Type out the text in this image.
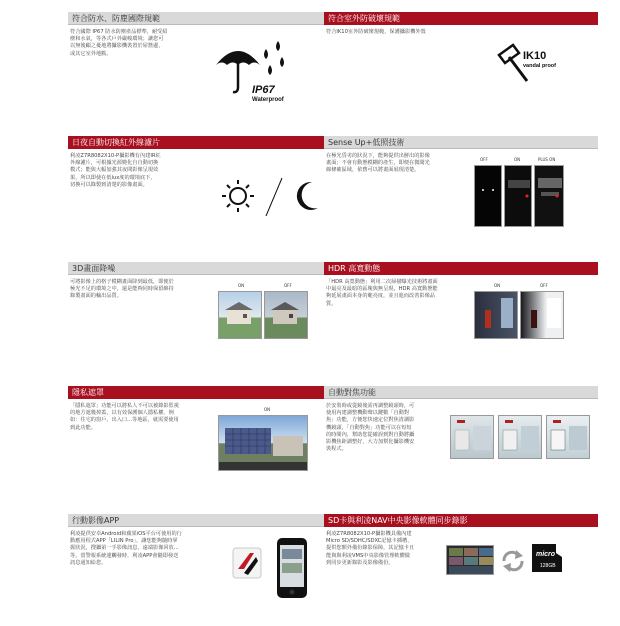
符合防水、防塵國際規範
符合國際 IP67 防水防塵產品標準，耐受紹
塵和水氣，等各式戶外嚴峻環境；讓您可
以無後顧之憂地將攝影機裝置於屋簷邊，
或其它室外地點。
IP67
Waterproof
符合室外防破壞規範
符合IK10室外防破壞規範，保護攝影機外殼
IK10
vandal proof
日夜自動切換紅外線濾片
利凌Z7R8082X10-P攝影機有內建IR紅
外線濾片，可根據光源變化自自動切換
模式；能與大幅加強其夜間影像呈現效
果，所以即使在低lux度的環境底下，
切換可以錄製到清楚的影像畫面。
Sense Up+低照技術
在極光昏劣的狀況下，能夠提供出鮮出的影像
畫面；不會有動態模糊的產生，即便在微聞光
線條確區域，依舊可以將畫面展現清楚。
OFF	ON	PLUS ON
3D畫面降噪
可將影像上的格子模糊畫面降到最低，即便於
極光不足的環境之中，還是能夠同時保留維持
錄製畫面的輸出品質。
ON	OFF
HDR 高寬動態
「HDR 高寬動態」利用二次掃描曝光技術將畫面
中最亮及最暗的區塊與無呈現，HDR 高寬動態能
夠延展畫面本身的範亮度，並且進而改善影像品
質。
ON	OFF
隱私遮罩
「隱私遮罩」功能可以將私人不可以被錄影監視
的地方遮幾掉蓋，以有效保護個人隱私權。例
如：住宅的窗戶、出入口...等地區，就需要使用
到此功能。
ON
自動對焦功能
於安裝時或從鏡後需再調整鏡頭時，可
使用內建調整機動聲以鍵數「自動對
焦」功能，方便您快速定位對焦清調影
機鏡頭，「自動對焦」功能可以在短短
的時間內，幫助您從確誤到對自動將攝
影機焦距調整好，大力加幫化攝影機安
裝程式。
行動影像APP
利凌提供安卓Android和蘋果iOS平台可使用的行
動應用程式APP「LILIN Pro」，讓您能夠隨時掌
握狀況，搜攝第一手影像訊息，遠端影像回放...
等。當警報系統連觸發時，利凌APP會隨即發送
訊息通知給您。
SD卡與利凌NAV中央影像軟體同步錄影
利凌Z7R8082X10-P攝影機具備內建
Micro SD/SDHC/SDXC記憶卡插槽，
提供您額外備份錄影保障，其記憶卡且
能與與利凌VMS中央影像管理軟體做
到同步更新錄影及影像備份。
micro
128GB
